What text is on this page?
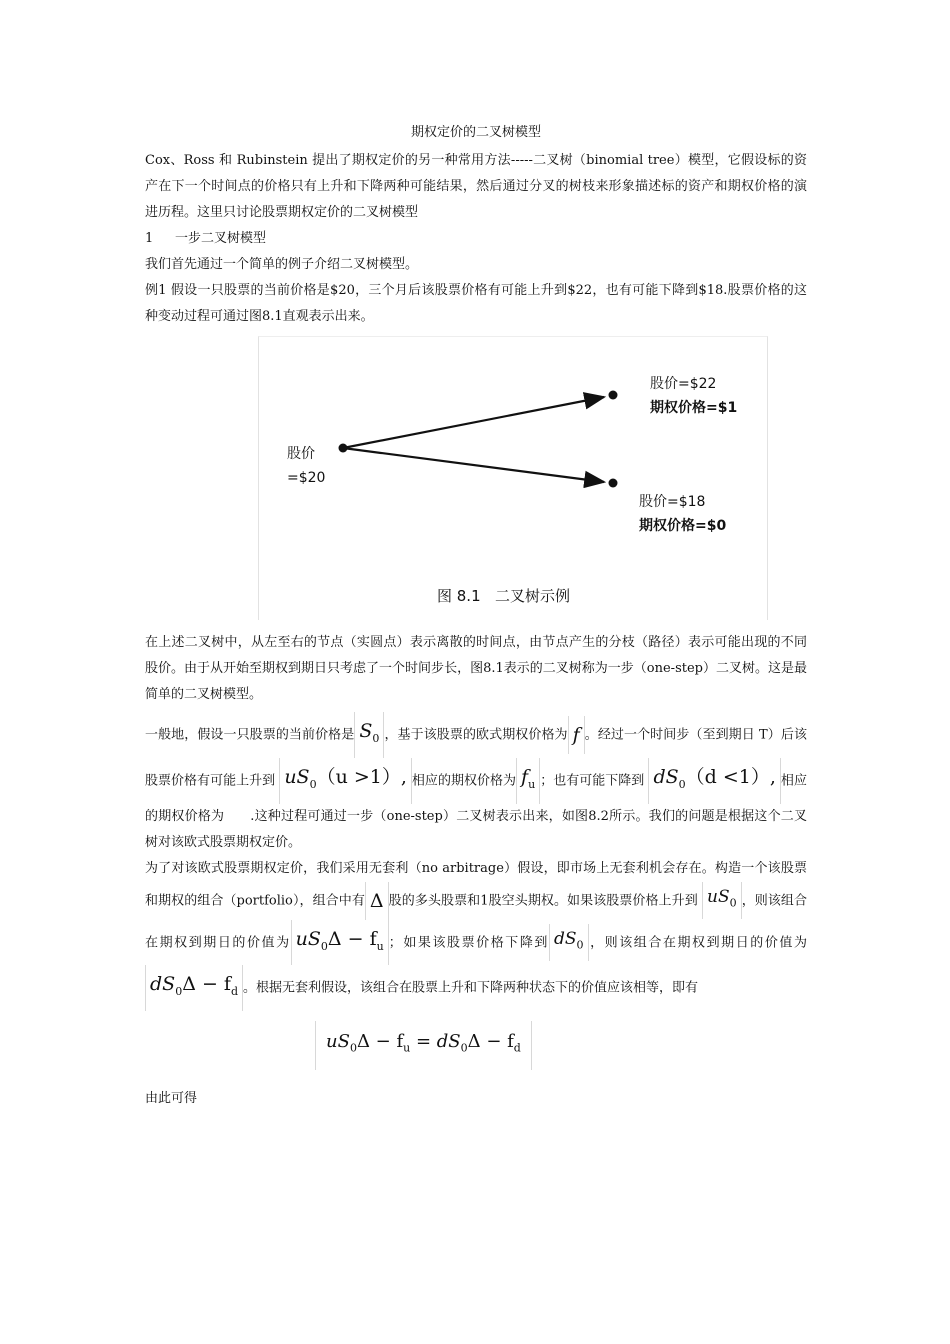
期权定价的二叉树模型

Cox、Ross 和 Rubinstein 提出了期权定价的另一种常用方法-----二叉树（binomial tree）模型，它假设标的资产在下一个时间点的价格只有上升和下降两种可能结果，然后通过分叉的树枝来形象描述标的资产和期权价格的演进历程。这里只讨论股票期权定价的二叉树模型

1 一步二叉树模型

我们首先通过一个简单的例子介绍二叉树模型。

例1 假设一只股票的当前价格是$20，三个月后该股票价格有可能上升到$22，也有可能下降到$18.股票价格的这种变动过程可通过图8.1直观表示出来。

股价
=$20
股价=$22
期权价格=$1
股价=$18
期权价格=$0
图 8.1 二叉树示例

在上述二叉树中，从左至右的节点（实圆点）表示离散的时间点，由节点产生的分枝（路径）表示可能出现的不同股价。由于从开始至期权到期日只考虑了一个时间步长，图8.1表示的二叉树称为一步（one-step）二叉树。这是最简单的二叉树模型。

一般地，假设一只股票的当前价格是 $S_0$ ，基于该股票的欧式期权价格为 f 。经过一个时间步（至到期日 T）后该股票价格有可能上升到 $uS_0(u >1)$, 相应的期权价格为 $f_u$ ；也有可能下降到 $dS_0(d <1)$, 相应的期权价格为 .这种过程可通过一步（one-step）二叉树表示出来，如图8.2所示。我们的问题是根据这个二叉树对该欧式股票期权定价。

为了对该欧式股票期权定价，我们采用无套利（no arbitrage）假设，即市场上无套利机会存在。构造一个该股票和期权的组合（portfolio），组合中有 Δ 股的多头股票和1股空头期权。如果该股票价格上升到 $uS_0$ ，则该组合在期权到期日的价值为 $uS_0\Delta - f_u$ ；如果该股票价格下降到 $dS_0$ ，则该组合在期权到期日的价值为 $dS_0\Delta - f_d$ 。根据无套利假设，该组合在股票上升和下降两种状态下的价值应该相等，即有

$uS_0\Delta - f_u = dS_0\Delta - f_d$

由此可得
